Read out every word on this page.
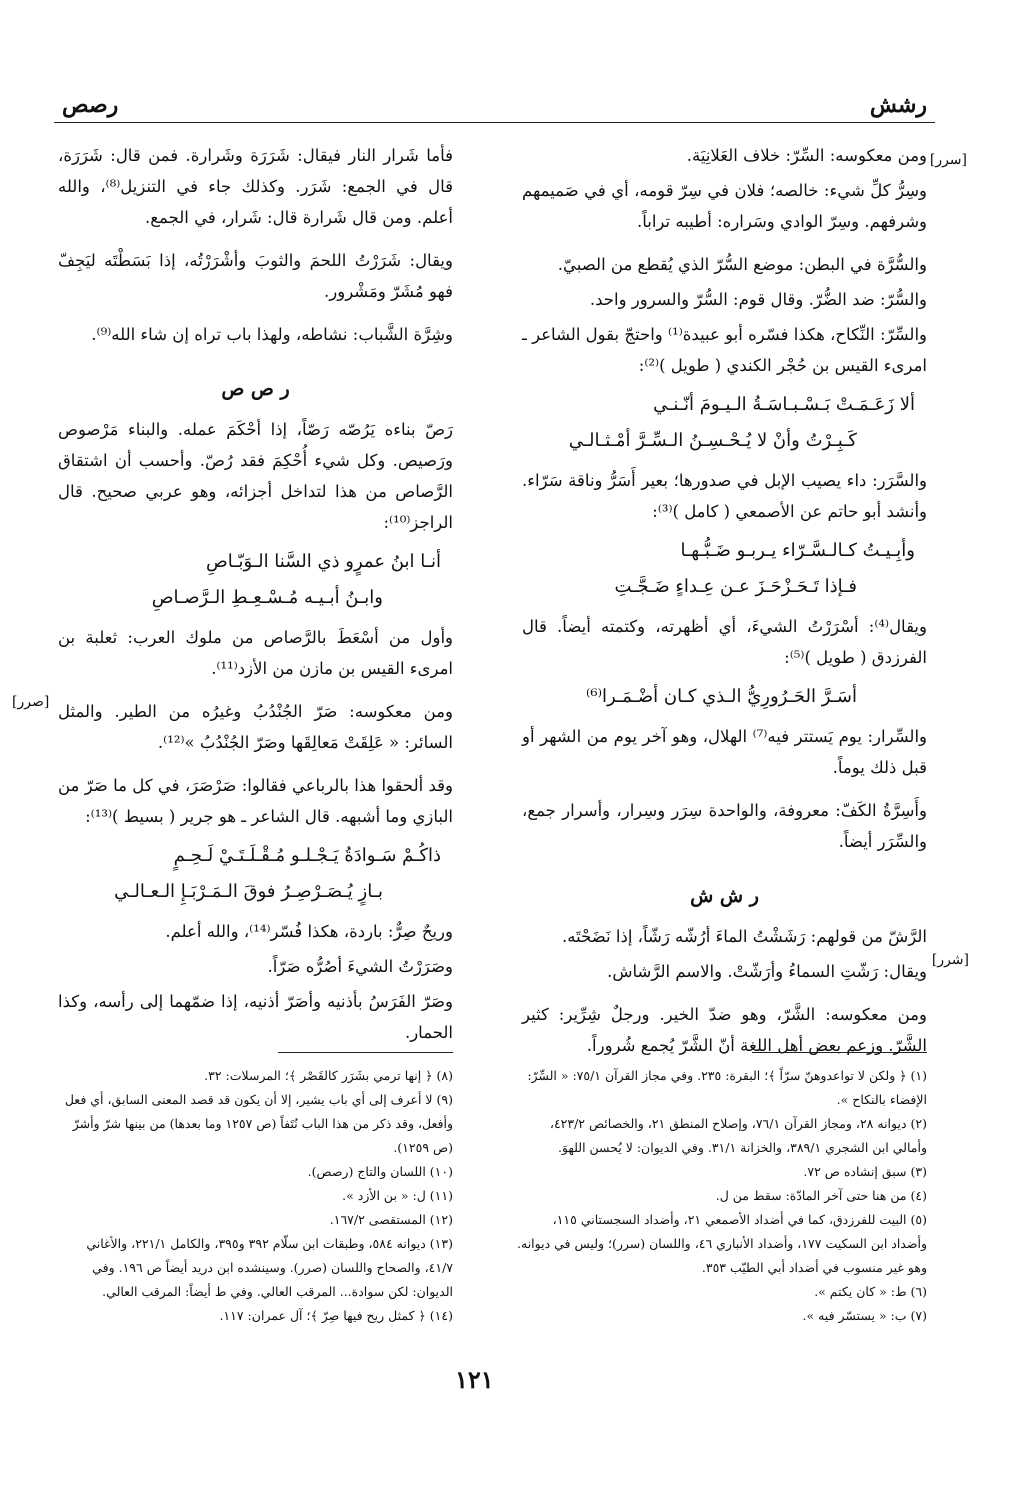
رشش
رصص

ومن معكوسه: السِّرّ: خلاف العَلانِيَة.

وسِرُّ كلِّ شيء: خالصه؛ فلان في سِرّ قومه، أي في صَميمهم وشرفهم. وسِرّ الوادي وسَراره: أطيبه تراباً.

والسُّرَّة في البطن: موضع السُّرّ الذي يُقطع من الصبيّ.

والسُّرّ: ضد الضُّرّ. وقال قوم: السُّرّ والسرور واحد.

والسِّرّ: النِّكاح، هكذا فسّره أبو عبيدة⁽¹⁾ واحتجّ بقول الشاعر ـ امرىء القيس بن حُجْر الكندي ( طويل )⁽²⁾:

ألا زَعَـمَـتْ بَـسْـبـاسَـةُ الـيـومَ أنّـنـي
كَـبِـرْتُ وأنْ لا يُـحْـسِـنُ الـسِّـرَّ أمْـثـالـي

والسَّرَر: داء يصيب الإبل في صدورها؛ بعير أَسَرُّ وناقة سَرّاء. وأنشد أبو حاتم عن الأصمعي ( كامل )⁽³⁾:

وأبِـيـتُ كـالـسَّـرّاء يـربـو ضَـبُّـهـا
فـإذا تَـحَـزْحَـزَ عـن عِـداءٍ ضَـجَّـتِ

ويقال⁽⁴⁾: أسْرَرْتُ الشيءَ، أي أظهرته، وكتمته أيضاً. قال الفرزدق ( طويل )⁽⁵⁾:

أسَـرَّ الحَـرُورِيُّ الـذي كـان أضْـمَـرا⁽⁶⁾

والسِّرار: يوم يَستتر فيه⁽⁷⁾ الهلال، وهو آخر يوم من الشهر أو قبل ذلك يوماً.

وأَسِرَّةُ الكَفّ: معروفة، والواحدة سِرَر وسِرار، وأسرار جمع، والسِّرَر أيضاً.

ر ش ش

الرَّشّ من قولهم: رَشَشْتُ الماءَ أرُشّه رَشّاً، إذا نَضَحْتَه.

ويقال: رَشّتِ السماءُ وأرَشّتْ. والاسم الرَّشاش.

ومن معكوسه: الشَّرّ، وهو ضدّ الخير. ورجلٌ شِرِّير: كثير الشَّرّ. وزعم بعض أهل اللغة أنّ الشَّرّ يُجمع شُروراً.

[سرر]
[شرر]

فأما شَرار النار فيقال: شَرَرَة وشَرارة. فمن قال: شَرَرَة، قال في الجمع: شَرَر. وكذلك جاء في التنزيل⁽⁸⁾، والله أعلم. ومن قال شَرارة قال: شَرار، في الجمع.

ويقال: شَرَرْتُ اللحمَ والثوبَ وأشْرَرْتُه، إذا بَسَطْتَه ليَجِفّ فهو مُشَرّ ومَشْرور.

وشِرَّة الشَّباب: نشاطه، ولهذا باب تراه إن شاء الله⁽⁹⁾.

ر ص ص

رَصّ بناءه يَرُصّه رَصّاً، إذا أحْكَمَ عمله. والبناء مَرْصوص ورَصيص. وكل شيء أُحْكِمَ فقد رُصّ. وأحسب أن اشتقاق الرَّصاص من هذا لتداخل أجزائه، وهو عربي صحيح. قال الراجز⁽¹⁰⁾:

أنـا ابنُ عمرٍو ذي السَّنا الـوَبّـاصِ
وابـنُ أبـيـه مُـسْـعِـطِ الـرَّصـاصِ

وأول من أسْعَطَ بالرَّصاص من ملوك العرب: ثعلبة بن امرىء القيس بن مازن من الأزد⁽¹¹⁾.

ومن معكوسه: صَرّ الجُنْدُبُ وغيرُه من الطير. والمثل السائر: « عَلِقَتْ مَعالِقَها وصَرّ الجُنْدُبُ »⁽¹²⁾.

وقد ألحقوا هذا بالرباعي فقالوا: صَرْصَرَ، في كل ما صَرّ من البازي وما أشبهه. قال الشاعر ـ هو جرير ( بسيط )⁽¹³⁾:

ذاكُـمْ سَـوادَةُ يَـجْـلـو مُـقْـلَـتَـيْ لَـحِـمٍ
بـازٍ يُـصَـرْصِـرُ فوقَ الـمَـرْبَـإِ الـعـالـي

وريحٌ صِرٌّ: باردة، هكذا فُسّر⁽¹⁴⁾، والله أعلم.

وصَرَرْتُ الشيءَ أصُرُّه صَرّاً.

وصَرّ الفَرَسُ بأذنيه وأصَرّ أذنيه، إذا ضمّهما إلى رأسه، وكذا الحمار.

[صرر]
(١) ﴿ ولكن لا تواعدوهنّ سرّاً ﴾؛ البقرة: ٢٣٥. وفي مجاز القرآن ٧٥/١: « السِّرّ: الإفضاء بالنكاح ».
(٢) ديوانه ٢٨، ومجاز القرآن ٧٦/١، وإصلاح المنطق ٢١، والخصائص ٤٢٣/٢، وأمالي ابن الشجري ٣٨٩/١، والخزانة ٣١/١. وفي الديوان: لا يُحسن اللهوَ.
(٣) سبق إنشاده ص ٧٢.
(٤) من هنا حتى آخر المادّة: سقط من ل.
(٥) البيت للفرزدق، كما في أضداد الأصمعي ٢١، وأضداد السجستاني ١١٥، وأضداد ابن السكيت ١٧٧، وأضداد الأنباري ٤٦، واللسان (سرر)؛ وليس في ديوانه. وهو غير منسوب في أضداد أبي الطيّب ٣٥٣.
(٦) ط: « كان يكتم ».
(٧) ب: « يستسّر فيه ».
(٨) ﴿ إنها ترمي بشَرَر كالقَصْر ﴾؛ المرسلات: ٣٢.
(٩) لا أعرف إلى أي باب يشير، إلا أن يكون قد قصد المعنى السابق، أي فعل وأفعل، وقد ذكر من هذا الباب نُتَفاً (ص ١٢٥٧ وما بعدها) من بينها شرّ وأشرّ (ص ١٢٥٩).
(١٠) اللسان والتاج (رصص).
(١١) ل: « بن الأزد ».
(١٢) المستقصى ١٦٧/٢.
(١٣) ديوانه ٥٨٤، وطبقات ابن سلّام ٣٩٢ و٣٩٥، والكامل ٢٢١/١، والأغاني ٤١/٧، والصحاح واللسان (صرر). وسينشده ابن دريد أيضاً ص ١٩٦. وفي الديوان: لكن سوادة... المرقب العالي. وفي ط أيضاً: المرقب العالي.
(١٤) ﴿ كمثل ريح فيها صِرّ ﴾؛ آل عمران: ١١٧.
١٢١
